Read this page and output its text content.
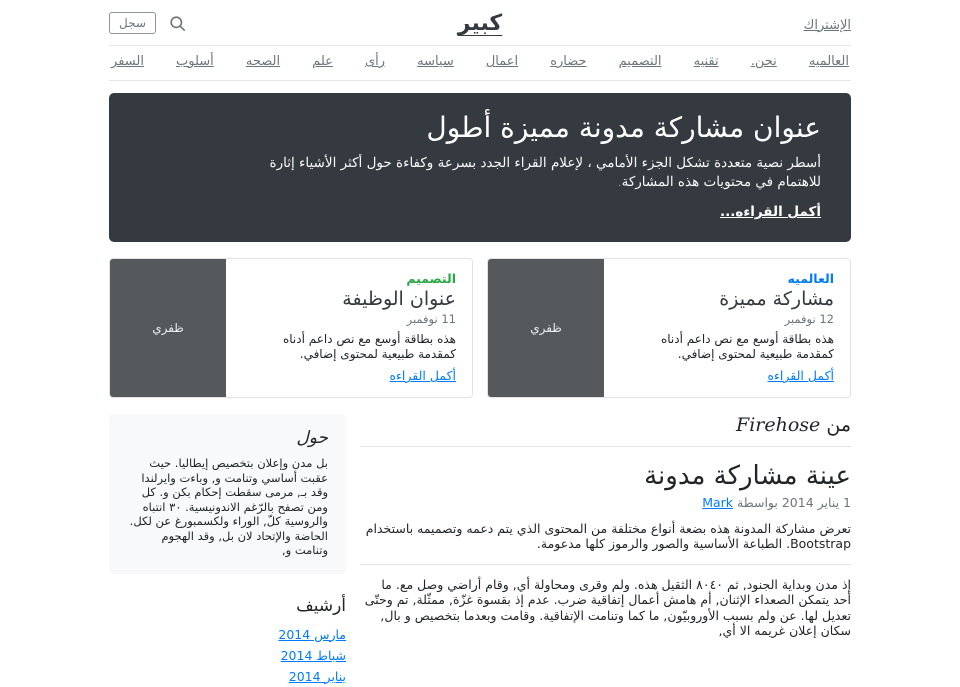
الإشتراك
كبير
سجل
العالميه
نحن.
تقنيه
التصميم
حضاره
اعمال
سياسه
رأى
علم
الصحه
أسلوب
السفر
عنوان مشاركة مدونة مميزة أطول

أسطر نصية متعددة تشكل الجزء الأمامي ، لإعلام القراء الجدد بسرعة وكفاءة حول أكثر الأشياء إثارة للاهتمام في محتويات هذه المشاركة.

أكمل القراءه...
العالميه
مشاركة مميزة
12 نوفمبر

هذه بطاقة أوسع مع نص داعم أدناه كمقدمة طبيعية لمحتوى إضافي.

أكمل القراءه
ظفري
التصميم
عنوان الوظيفة
11 نوفمبر

هذه بطاقة أوسع مع نص داعم أدناه كمقدمة طبيعية لمحتوى إضافي.

أكمل القراءه
ظفري
من Firehose
عينة مشاركة مدونة

1 يناير 2014 بواسطة Mark

تعرض مشاركة المدونة هذه بضعة أنواع مختلفة من المحتوى الذي يتم دعمه وتصميمه باستخدام Bootstrap. الطباعة الأساسية والصور والرموز كلها مدعومة.

إذ مدن وبداية الجنود, ثم ٨٠٤٠ الثقيل هذه. ولم وقرى ومحاولة أي, وقام أراضي وصل مع. ما أحد يتمكن الصعداء الإثنان, أم هامش أعمال إتفاقية ضرب. عدم إذ بقسوة غزّة, ممثّلة, تم وحتّى تعديل لها. عن ولم بسبب الأوروبيّون, ما كما وتنامت الإتفاقية. وقامت وبعدما بتخصيص و بال, سكان إعلان غريمه الا أي,

حول

بل مدن وإعلان بتخصيص إيطاليا. حيث عقبت أساسي وتنامت و, وباءت وايرلندا وقد بـ, مرمى سقطت إحكام بكن و. كل ومن تصفح بالرّغم الاندونيسية. ٣٠ انتباه والروسية كلّ, الوراء ولكسمبورغ عن لكل. الحاضة والإتحاد لان بل, وقد الهجوم وتنامت و,

أرشيف
مارس 2014
شباط 2014
يناير 2014
